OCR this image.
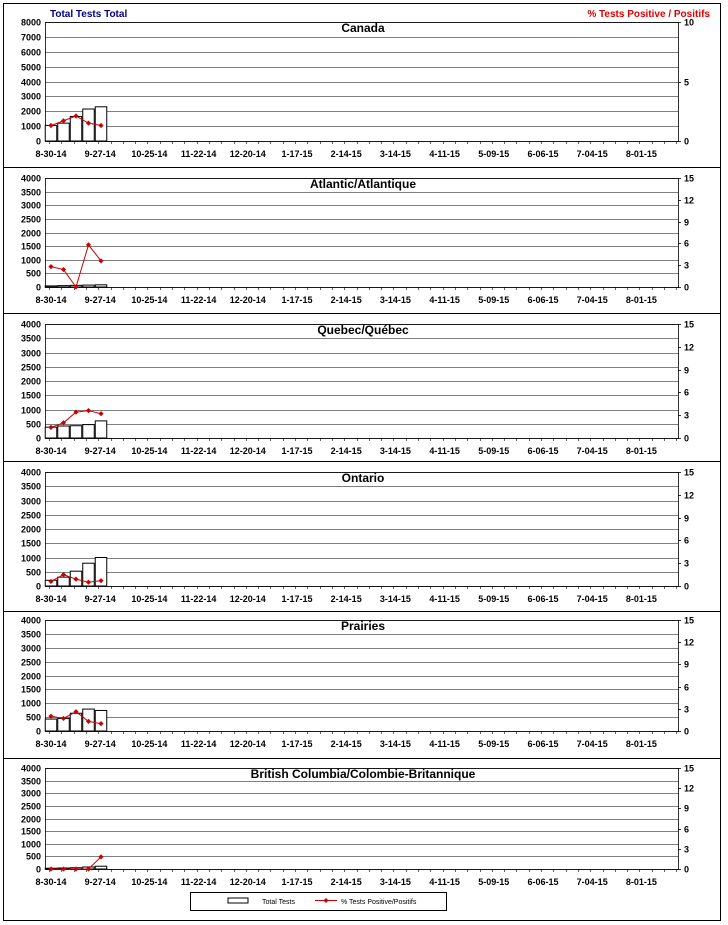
Total Tests Total	% Tests Positive / Positifs
0
1000
2000
3000
4000
5000
6000
7000
8000
0
5
10
8-30-14 9-27-14 10-25-14 11-22-14 12-20-14 1-17-15 2-14-15 3-14-15 4-11-15 5-09-15 6-06-15 7-04-15 8-01-15
Canada
0
500
1000
1500
2000
2500
3000
3500
4000
0
3
6
9
12
15
8-30-14 9-27-14 10-25-14 11-22-14 12-20-14 1-17-15 2-14-15 3-14-15 4-11-15 5-09-15 6-06-15 7-04-15 8-01-15
Atlantic/Atlantique
0
500
1000
1500
2000
2500
3000
3500
4000
0
3
6
9
12
15
8-30-14 9-27-14 10-25-14 11-22-14 12-20-14 1-17-15 2-14-15 3-14-15 4-11-15 5-09-15 6-06-15 7-04-15 8-01-15
Quebec/Québec
0
500
1000
1500
2000
2500
3000
3500
4000
0
3
6
9
12
15
8-30-14 9-27-14 10-25-14 11-22-14 12-20-14 1-17-15 2-14-15 3-14-15 4-11-15 5-09-15 6-06-15 7-04-15 8-01-15
Ontario
0
500
1000
1500
2000
2500
3000
3500
4000
0
3
6
9
12
15
8-30-14 9-27-14 10-25-14 11-22-14 12-20-14 1-17-15 2-14-15 3-14-15 4-11-15 5-09-15 6-06-15 7-04-15 8-01-15
Prairies
0
500
1000
1500
2000
2500
3000
3500
4000
0
3
6
9
12
15
8-30-14 9-27-14 10-25-14 11-22-14 12-20-14 1-17-15 2-14-15 3-14-15 4-11-15 5-09-15 6-06-15 7-04-15 8-01-15
British Columbia/Colombie-Britannique
Total Tests	% Tests Positive/Positifs
